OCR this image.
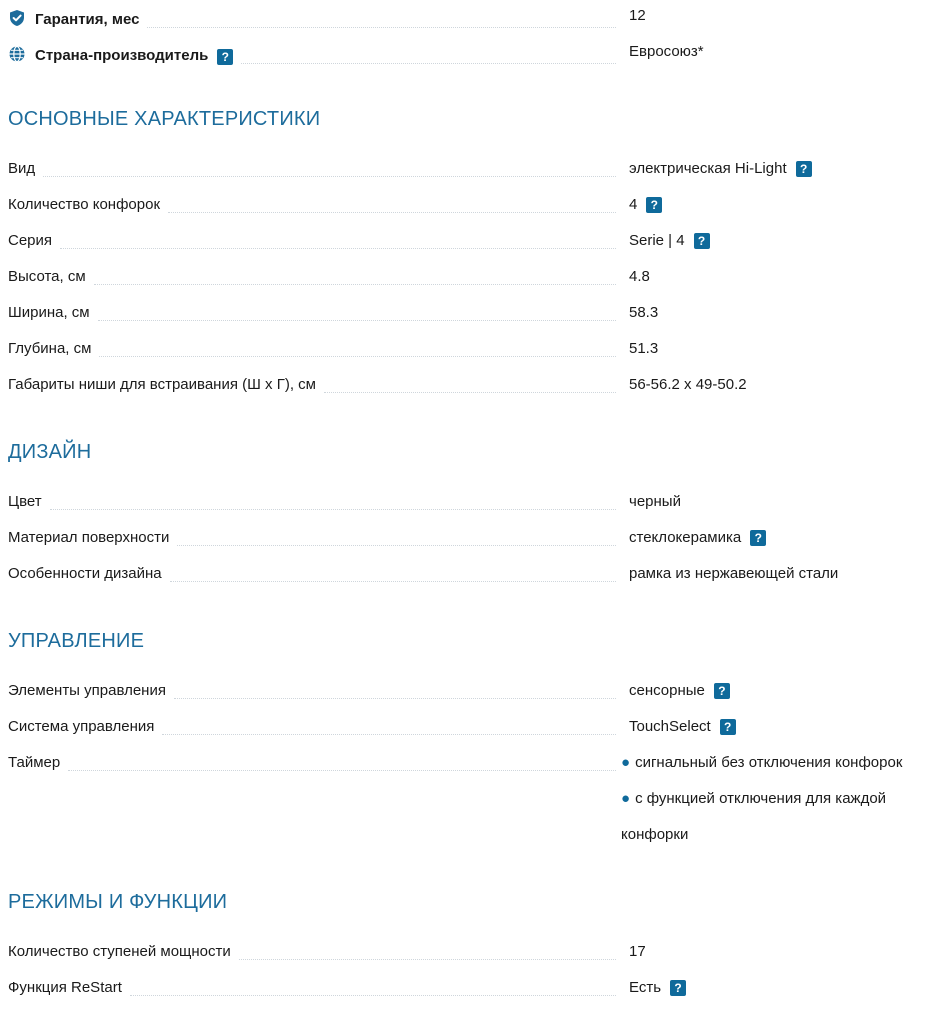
Гарантия, мес	12
Страна-производитель	?	Евросоюз*
ОСНОВНЫЕ ХАРАКТЕРИСТИКИ
Вид	электрическая Hi-Light	?
Количество конфорок	4	?
Серия	Serie | 4	?
Высота, см	4.8
Ширина, см	58.3
Глубина, см	51.3
Габариты ниши для встраивания (Ш х Г), см	56-56.2 x 49-50.2
ДИЗАЙН
Цвет	черный
Материал поверхности	стеклокерамика	?
Особенности дизайна	рамка из нержавеющей стали
УПРАВЛЕНИЕ
Элементы управления	сенсорные	?
Система управления	TouchSelect	?
Таймер	● сигнальный без отключения конфорок
● с функцией отключения для каждой
конфорки
РЕЖИМЫ И ФУНКЦИИ
Количество ступеней мощности	17
Функция ReStart	Есть	?
